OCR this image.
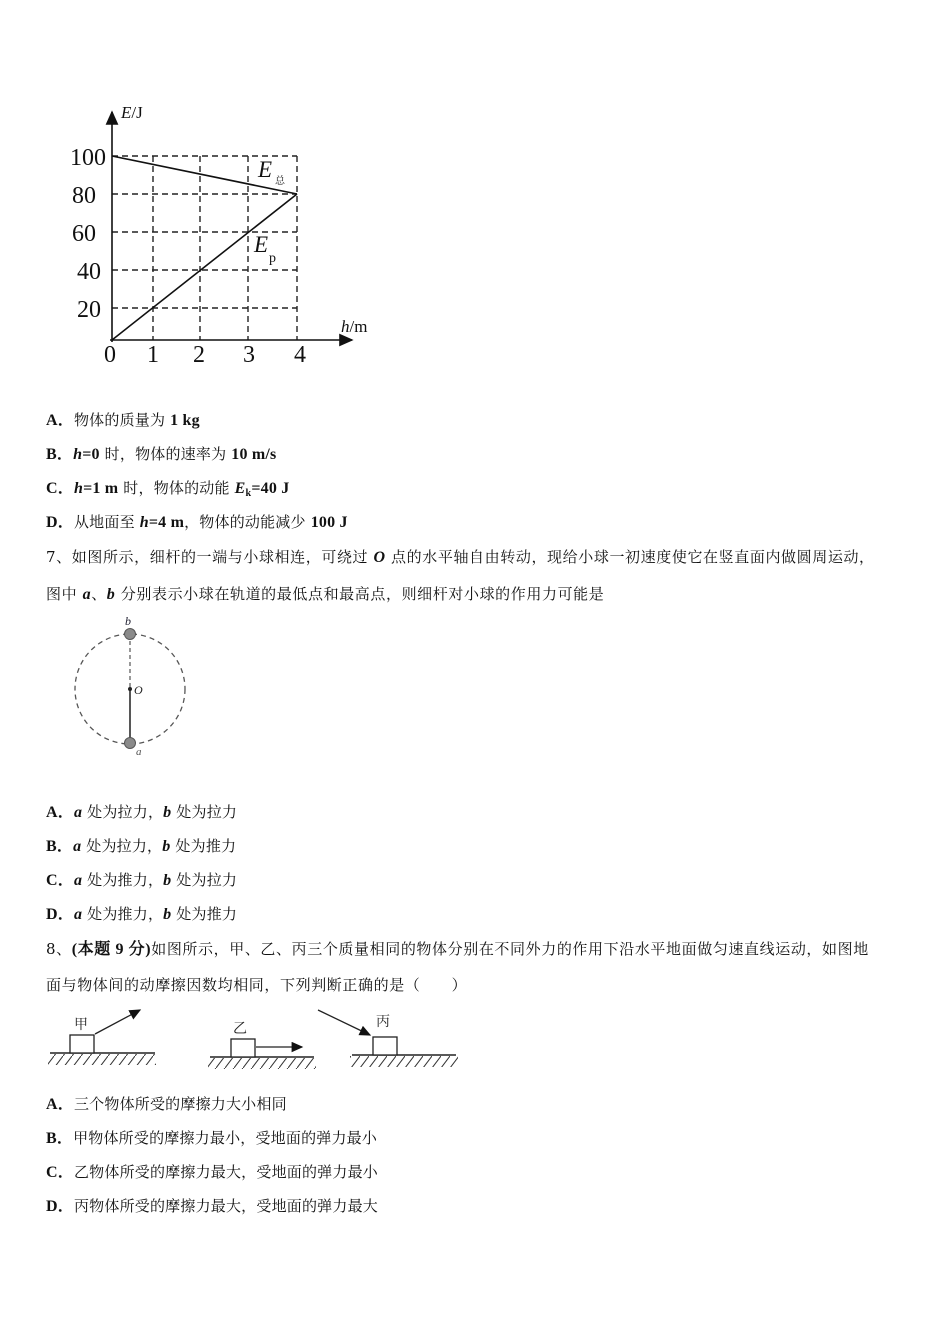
E/J
h/m
100
80
60
40
20
0 1 2 3 4
E 总
E
p
A．物体的质量为 1 kg
B．h=0 时，物体的速率为 10 m/s
C．h=1 m 时，物体的动能 $E_k=40$ J
D．从地面至 h=4 m，物体的动能减少 100 J
7、如图所示，细杆的一端与小球相连，可绕过 O 点的水平轴自由转动，现给小球一初速度使它在竖直面内做圆周运动，
图中 a、b 分别表示小球在轨道的最低点和最高点，则细杆对小球的作用力可能是
b
O
a
A．a 处为拉力，b 处为拉力
B．a 处为拉力，b 处为推力
C．a 处为推力，b 处为拉力
D．a 处为推力，b 处为推力
8、(本题 9 分)如图所示，甲、乙、丙三个质量相同的物体分别在不同外力的作用下沿水平地面做匀速直线运动，如图地
面与物体间的动摩擦因数均相同，下列判断正确的是（　　）
甲	乙	丙
A．三个物体所受的摩擦力大小相同
B．甲物体所受的摩擦力最小，受地面的弹力最小
C．乙物体所受的摩擦力最大，受地面的弹力最小
D．丙物体所受的摩擦力最大，受地面的弹力最大
